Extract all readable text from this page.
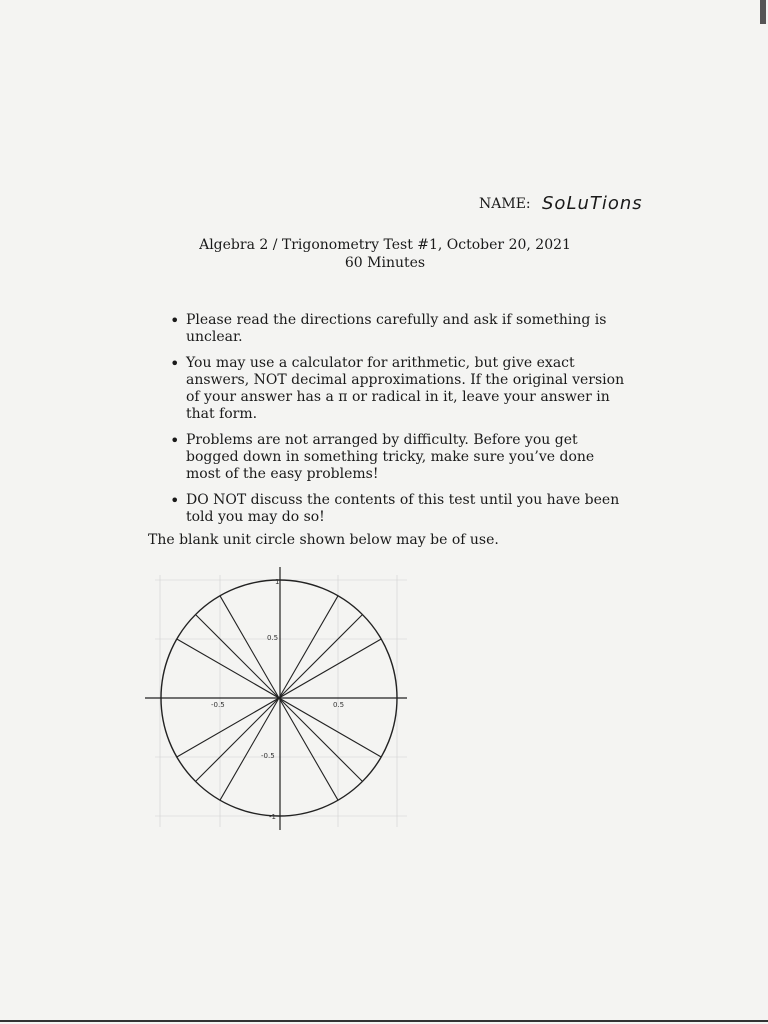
NAME: SoLuTions
Algebra 2 / Trigonometry Test #1, October 20, 2021
60 Minutes
• Please read the directions carefully and ask if something is unclear.
• You may use a calculator for arithmetic, but give exact answers, NOT decimal approximations. If the original version of your answer has a π or radical in it, leave your answer in that form.
• Problems are not arranged by difficulty. Before you get bogged down in something tricky, make sure you’ve done most of the easy problems!
• DO NOT discuss the contents of this test until you have been told you may do so!
The blank unit circle shown below may be of use.
0.5
-0.5
-0.5	0.5
1
-1
